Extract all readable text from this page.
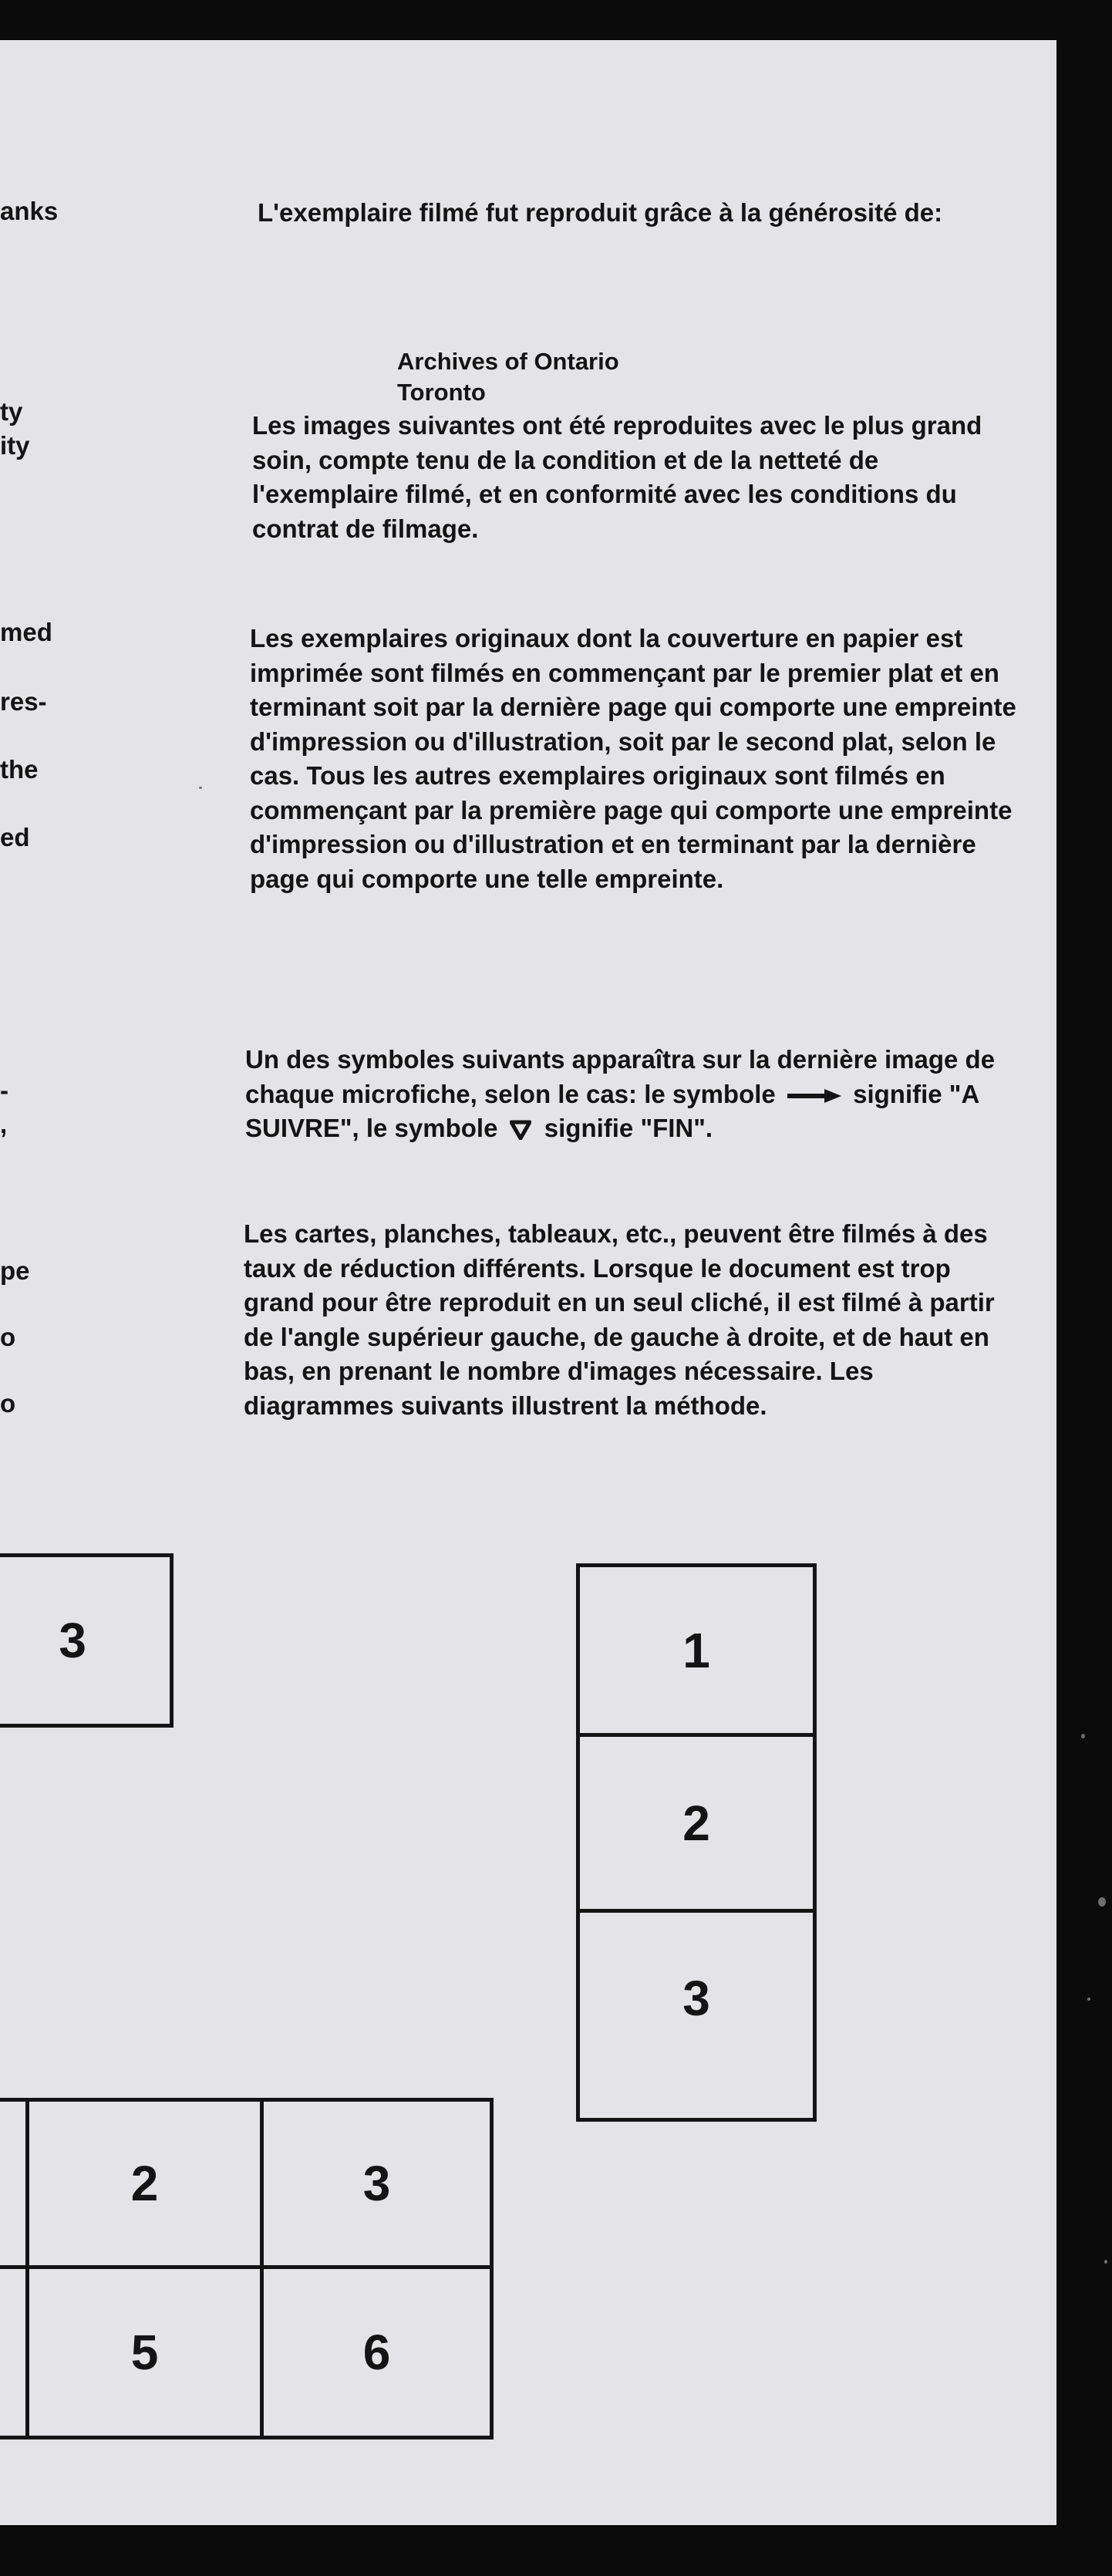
anks
ty
ity
med
res-
the
ed
-
,
pe
o
o

L'exemplaire filmé fut reproduit grâce à la générosité de:

Archives of Ontario
Toronto

Les images suivantes ont été reproduites avec le plus grand soin, compte tenu de la condition et de la netteté de l'exemplaire filmé, et en conformité avec les conditions du contrat de filmage.

Les exemplaires originaux dont la couverture en papier est imprimée sont filmés en commençant par le premier plat et en terminant soit par la dernière page qui comporte une empreinte d'impression ou d'illustration, soit par le second plat, selon le cas. Tous les autres exemplaires originaux sont filmés en commençant par la première page qui comporte une empreinte d'impression ou d'illustration et en terminant par la dernière page qui comporte une telle empreinte.

Un des symboles suivants apparaîtra sur la dernière image de chaque microfiche, selon le cas: le symbole	signifie "A SUIVRE", le symbole signifie "FIN".

Les cartes, planches, tableaux, etc., peuvent être filmés à des taux de réduction différents. Lorsque le document est trop grand pour être reproduit en un seul cliché, il est filmé à partir de l'angle supérieur gauche, de gauche à droite, et de haut en bas, en prenant le nombre d'images nécessaire. Les diagrammes suivants illustrent la méthode.

3	1
2
3
2	3
5	6
